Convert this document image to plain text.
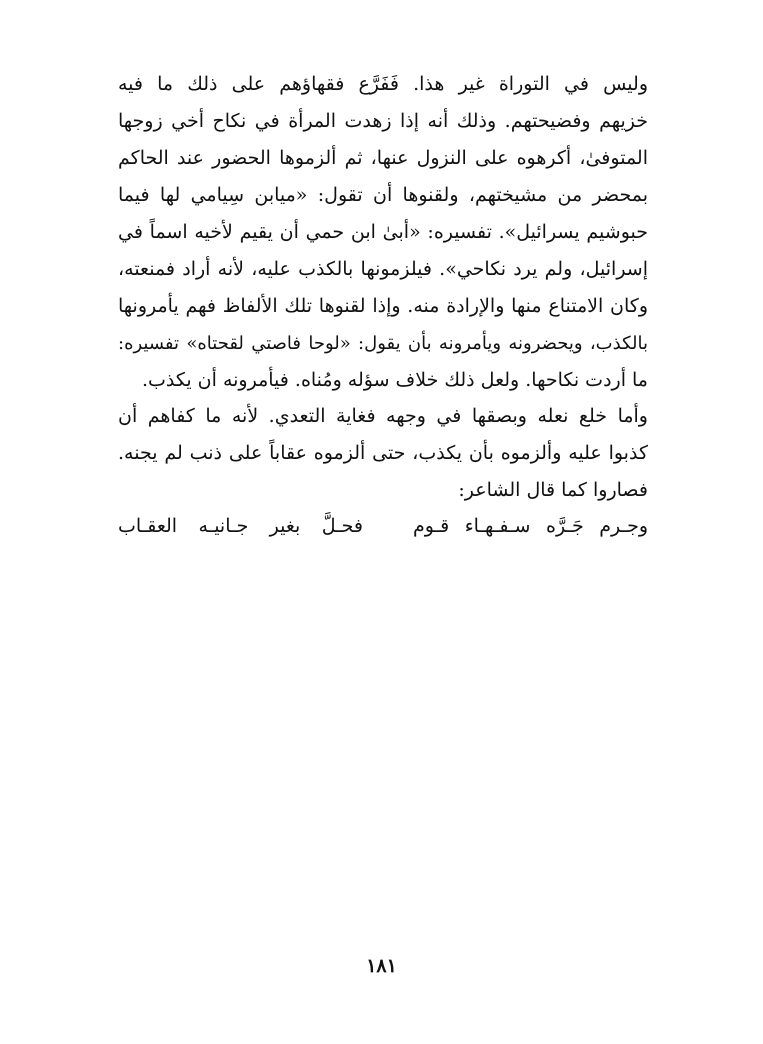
وليس في التوراة غير هذا. فَفَرَّع فقهاؤهم على ذلك ما فيه
خزيهم وفضيحتهم. وذلك أنه إذا زهدت المرأة في نكاح أخي زوجها
المتوفىٰ، أكرهوه على النزول عنها، ثم ألزموها الحضور عند الحاكم
بمحضر من مشيختهم، ولقنوها أن تقول: «ميابن سِيامي لها فيما
حبوشيم يسرائيل». تفسيره: «أبىٰ ابن حمي أن يقيم لأخيه اسماً في
إسرائيل، ولم يرد نكاحي». فيلزمونها بالكذب عليه، لأنه أراد فمنعته،
وكان الامتناع منها والإرادة منه. وإذا لقنوها تلك الألفاظ فهم يأمرونها
بالكذب، ويحضرونه ويأمرونه بأن يقول: «لوحا فاصتي لقحتاه» تفسيره:
ما أردت نكاحها. ولعل ذلك خلاف سؤله ومُناه. فيأمرونه أن يكذب.
وأما خلع نعله وبصقها في وجهه فغاية التعدي. لأنه ما كفاهم أن
كذبوا عليه وألزموه بأن يكذب، حتى ألزموه عقاباً على ذنب لم يجنه.
فصاروا كما قال الشاعر:
وجـرم جَـرَّه سـفـهـاء قـوم
فحـلَّ بغير جـانيـه العقـاب
١٨١
